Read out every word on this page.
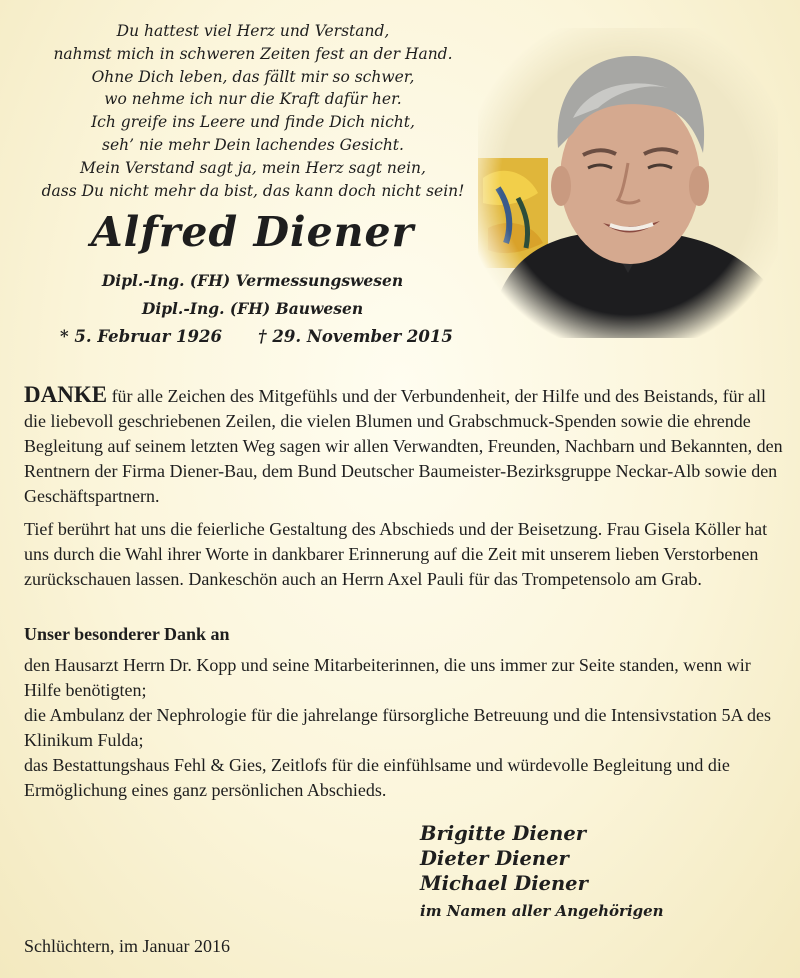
Du hattest viel Herz und Verstand,
nahmst mich in schweren Zeiten fest an der Hand.
Ohne Dich leben, das fällt mir so schwer,
wo nehme ich nur die Kraft dafür her.
Ich greife ins Leere und finde Dich nicht,
seh’ nie mehr Dein lachendes Gesicht.
Mein Verstand sagt ja, mein Herz sagt nein,
dass Du nicht mehr da bist, das kann doch nicht sein!
Alfred Diener
Dipl.-Ing. (FH) Vermessungswesen
Dipl.-Ing. (FH) Bauwesen
* 5. Februar 1926 † 29. November 2015

DANKE für alle Zeichen des Mitgefühls und der Verbundenheit, der Hilfe und des Beistands, für all die liebevoll geschriebenen Zeilen, die vielen Blumen und Grabschmuck-Spenden sowie die ehrende Begleitung auf seinem letzten Weg sagen wir allen Verwandten, Freunden, Nachbarn und Bekannten, den Rentnern der Firma Diener-Bau, dem Bund Deutscher Baumeister-Bezirksgruppe Neckar-Alb sowie den Geschäftspartnern.

Tief berührt hat uns die feierliche Gestaltung des Abschieds und der Beisetzung. Frau Gisela Köller hat uns durch die Wahl ihrer Worte in dankbarer Erinnerung auf die Zeit mit unserem lieben Verstorbenen zurückschauen lassen. Dankeschön auch an Herrn Axel Pauli für das Trompetensolo am Grab.

Unser besonderer Dank an

den Hausarzt Herrn Dr. Kopp und seine Mitarbeiterinnen, die uns immer zur Seite standen, wenn wir Hilfe benötigten;

die Ambulanz der Nephrologie für die jahrelange fürsorgliche Betreuung und die Intensivstation 5A des Klinikum Fulda;

das Bestattungshaus Fehl & Gies, Zeitlofs für die einfühlsame und würdevolle Begleitung und die Ermöglichung eines ganz persönlichen Abschieds.

Brigitte Diener
Dieter Diener
Michael Diener
im Namen aller Angehörigen
Schlüchtern, im Januar 2016
